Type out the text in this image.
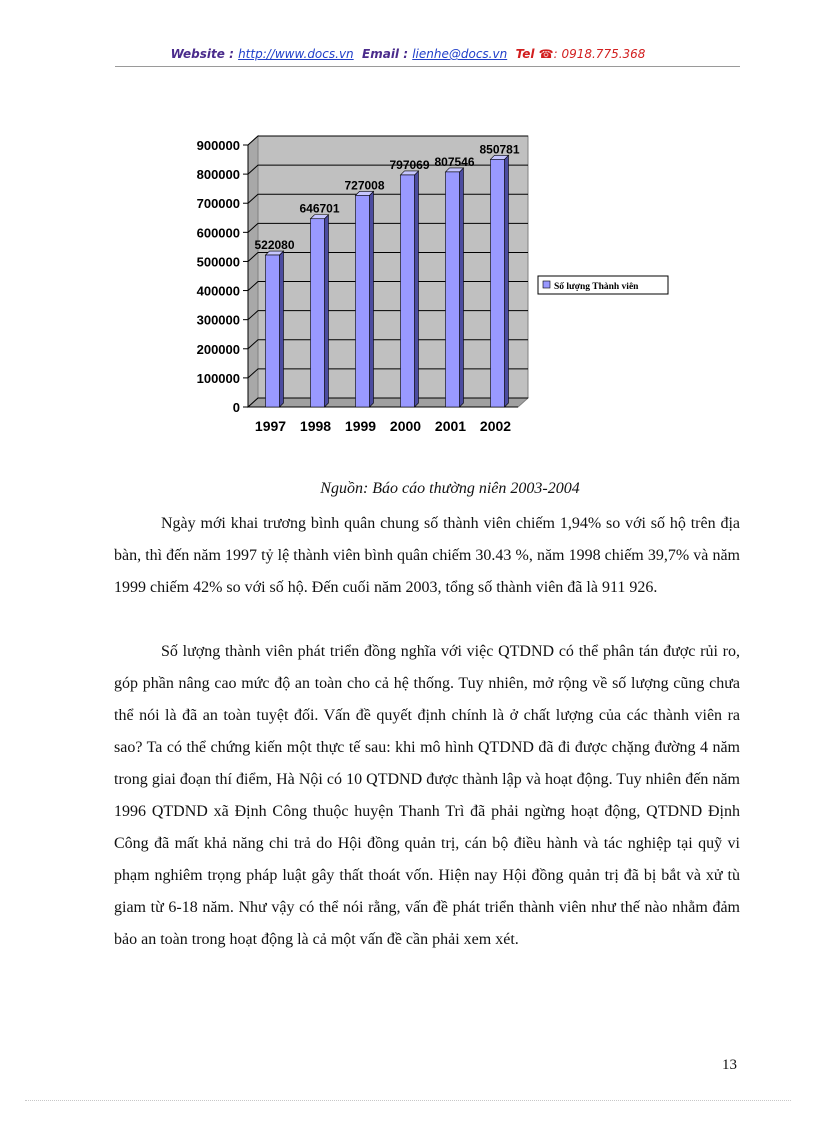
Website : http://www.docs.vn Email : lienhe@docs.vn Tel ☎: 0918.775.368
0
100000
200000
300000
400000
500000
600000
700000
800000
900000
522080
1997
646701
1998
727008
1999
797069
2000
807546
2001
850781
2002
Số lượng Thành viên
Nguồn: Báo cáo thường niên 2003-2004

Ngày mới khai trương bình quân chung số thành viên chiếm 1,94% so với số hộ trên địa bàn, thì đến năm 1997 tỷ lệ thành viên bình quân chiếm 30.43 %, năm 1998 chiếm 39,7% và năm 1999 chiếm 42% so với số hộ. Đến cuối năm 2003, tổng số thành viên đã là 911 926.

Số lượng thành viên phát triển đồng nghĩa với việc QTDND có thể phân tán được rủi ro, góp phần nâng cao mức độ an toàn cho cả hệ thống. Tuy nhiên, mở rộng về số lượng cũng chưa thể nói là đã an toàn tuyệt đối. Vấn đề quyết định chính là ở chất lượng của các thành viên ra sao? Ta có thể chứng kiến một thực tế sau: khi mô hình QTDND đã đi được chặng đường 4 năm trong giai đoạn thí điểm, Hà Nội có 10 QTDND được thành lập và hoạt động. Tuy nhiên đến năm 1996 QTDND xã Định Công thuộc huyện Thanh Trì đã phải ngừng hoạt động, QTDND Định Công đã mất khả năng chi trả do Hội đồng quản trị, cán bộ điều hành và tác nghiệp tại quỹ vi phạm nghiêm trọng pháp luật gây thất thoát vốn. Hiện nay Hội đồng quản trị đã bị bắt và xử tù giam từ 6-18 năm. Như vậy có thể nói rằng, vấn đề phát triển thành viên như thế nào nhằm đảm bảo an toàn trong hoạt động là cả một vấn đề cần phải xem xét.

13
